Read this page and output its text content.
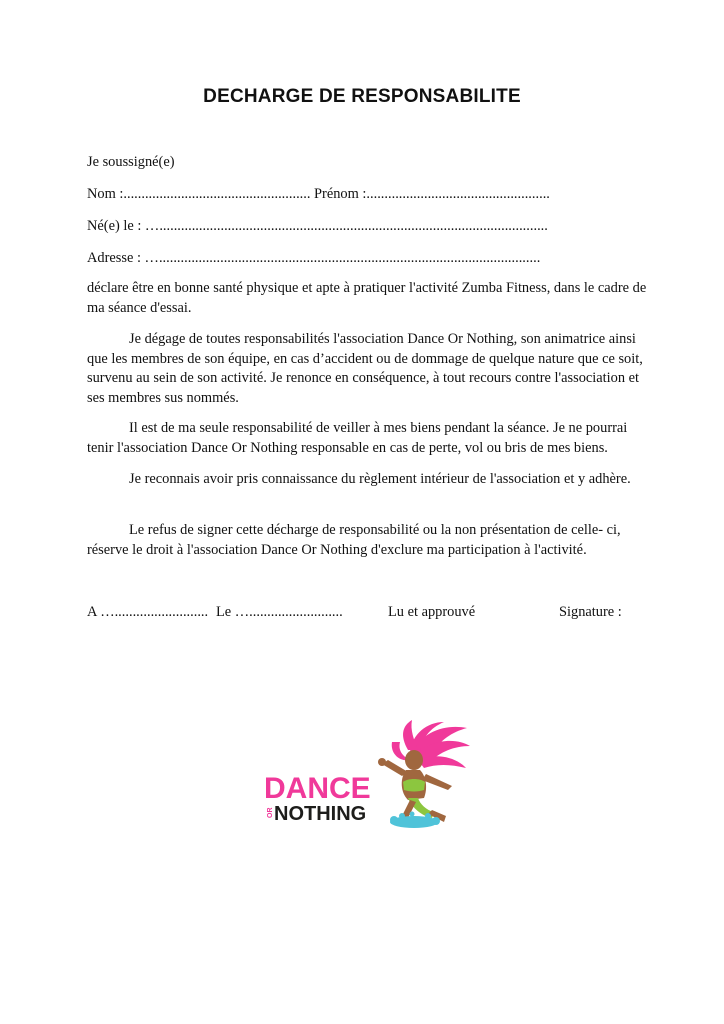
DECHARGE DE RESPONSABILITE
Je soussigné(e)
Nom :.................................................... Prénom :...................................................
Né(e) le : …............................................................................................................
Adresse : …..........................................................................................................
déclare être en bonne santé physique et apte à pratiquer l'activité Zumba Fitness, dans le cadre de ma séance d'essai.
Je dégage de toutes responsabilités l'association Dance Or Nothing, son animatrice ainsi que les membres de son équipe, en cas d’accident ou de dommage de quelque nature que ce soit, survenu au sein de son activité. Je renonce en conséquence, à tout recours contre l'association et ses membres sus nommés.
Il est de ma seule responsabilité de veiller à mes biens pendant la séance. Je ne pourrai tenir l'association Dance Or Nothing responsable en cas de perte, vol ou bris de mes biens.
Je reconnais avoir pris connaissance du règlement intérieur de l'association et y adhère.
Le refus de signer cette décharge de responsabilité ou la non présentation de celle- ci, réserve le droit à l'association Dance Or Nothing d'exclure ma participation à l'activité.
A ….......................... Le …..........................	Lu et approuvé	Signature :
DANCE
OR NOTHING
